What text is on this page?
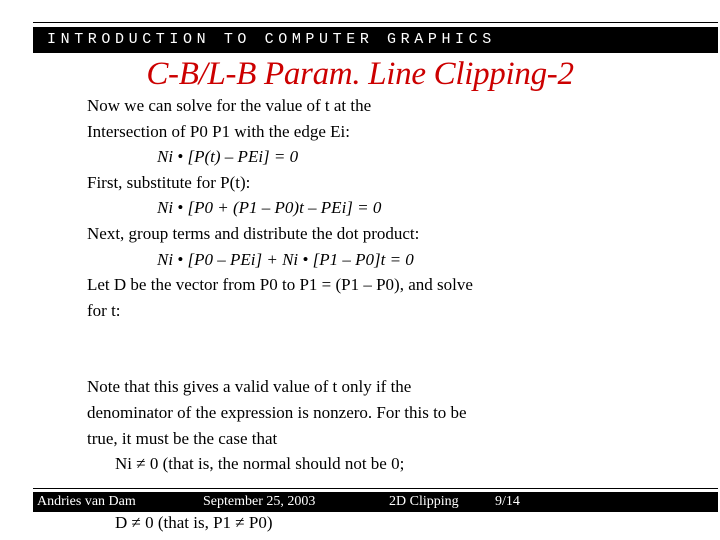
INTRODUCTION TO COMPUTER GRAPHICS
C-B/L-B Param. Line Clipping-2
Now we can solve for the value of t at the
Intersection of P0 P1 with the edge Ei:
Ni • [P(t) – PEi] = 0
First, substitute for P(t):
Ni • [P0 + (P1 – P0)t – PEi] = 0
Next, group terms and distribute the dot product:
Ni • [P0 – PEi] + Ni • [P1 – P0]t = 0
Let D be the vector from P0 to P1 = (P1 – P0), and solve
for t:
Note that this gives a valid value of t only if the
denominator of the expression is nonzero. For this to be
true, it must be the case that
Ni ≠ 0 (that is, the normal should not be 0;
Andries van Dam	September 25, 2003	2D Clipping	9/14
D ≠ 0 (that is, P1 ≠ P0)
